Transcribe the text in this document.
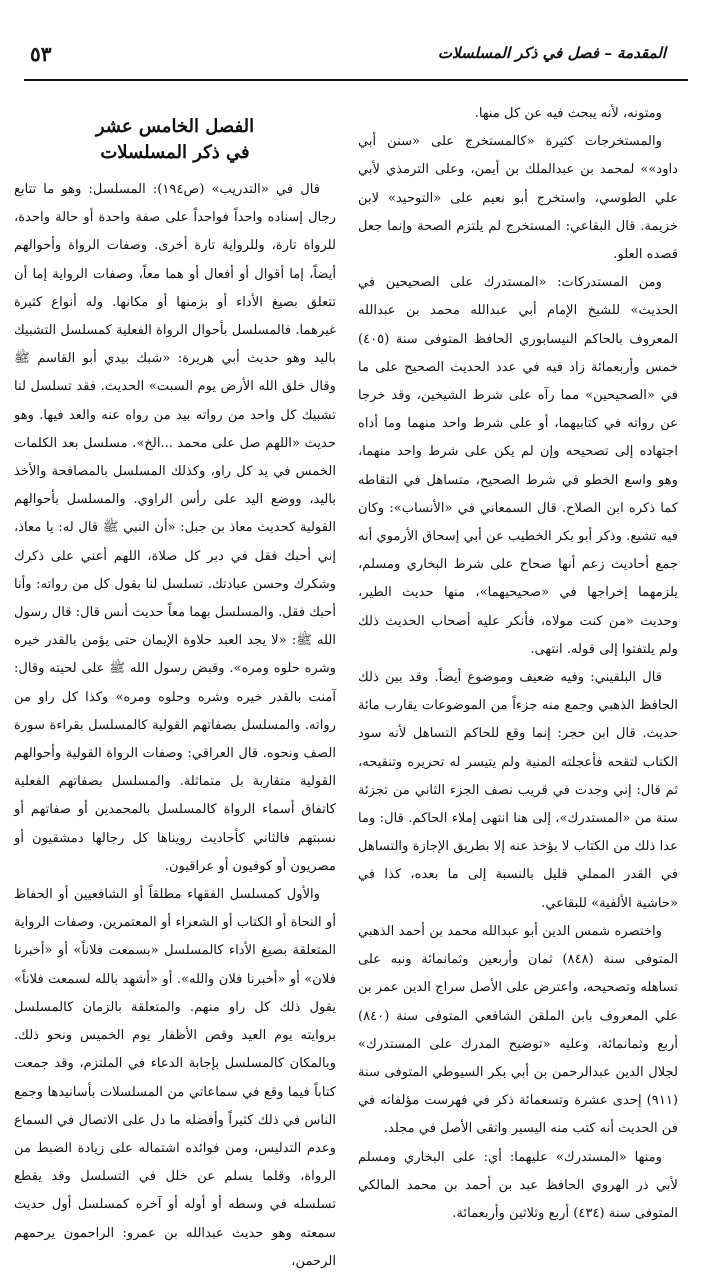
٥٣	المقدمة – فصل في ذكر المسلسلات

ومتونه، لأنه يبحث فيه عن كل منها.

والمستخرجات كثيرة «كالمستخرج على «سنن أبي داود»» لمحمد بن عبدالملك بن أيمن، وعلى الترمذي لأبي علي الطوسي، واستخرج أبو نعيم على «التوحيد» لابن خزيمة. قال البقاعي: المستخرج لم يلتزم الصحة وإنما جعل قصده العلو.

ومن المستدركات: «المستدرك على الصحيحين في الحديث» للشيخ الإمام أبي عبدالله محمد بن عبدالله المعروف بالحاكم النيسابوري الحافظ المتوفى سنة (٤٠٥) خمس وأربعمائة زاد فيه في عدد الحديث الصحيح على ما في «الصحيحين» مما رآه على شرط الشيخين، وقد خرجا عن رواته في كتابيهما، أو على شرط واحد منهما وما أداه اجتهاده إلى تصحيحه وإن لم يكن على شرط واحد منهما، وهو واسع الخطو في شرط الصحيح، متساهل في التقاطه كما ذكره ابن الصلاح. قال السمعاني في «الأنساب»: وكان فيه تشيع. وذكر أبو بكر الخطيب عن أبي إسحاق الأرموي أنه جمع أحاديث زعم أنها صحاح على شرط البخاري ومسلم، يلزمهما إخراجها في «صحيحيهما»، منها حديث الطير، وحديث «من كنت مولاه، فأنكر عليه أصحاب الحديث ذلك ولم يلتفتوا إلى قوله. انتهى.

قال البلقيني: وفيه ضعيف وموضوع أيضاً. وقد بين ذلك الحافظ الذهبي وجمع منه جزءاً من الموضوعات يقارب مائة حديث. قال ابن حجر: إنما وقع للحاكم التساهل لأنه سود الكتاب لتقحه فأعجلته المنية ولم يتيسر له تحريره وتنقيحه، ثم قال: إني وجدت في قريب نصف الجزء الثاني من تجزئة ستة من «المستدرك»، إلى هنا انتهى إملاء الحاكم. قال: وما عدا ذلك من الكتاب لا يؤخذ عنه إلا بطريق الإجازة والتساهل في القدر المملي قليل بالنسبة إلى ما بعده، كذا في «حاشية الألفية» للبقاعي.

واختصره شمس الدين أبو عبدالله محمد بن أحمد الذهبي المتوفى سنة (٨٤٨) ثمان وأربعين وثمانمائة ونبه على تساهله وتصحيحه، واعترض على الأصل سراج الدين عمر بن علي المعروف بابن الملقن الشافعي المتوفى سنة (٨٤٠) أربع وثمانمائة، وعليه «توضيح المدرك على المستدرك» لجلال الدين عبدالرحمن بن أبي بكر السيوطي المتوفى سنة (٩١١) إحدى عشرة وتسعمائة ذكر في فهرست مؤلفاته في فن الحديث أنه كتب منه اليسير واتقى الأصل في مجلد.

ومنها «المستدرك» عليهما: أي: على البخاري ومسلم لأبي ذر الهروي الحافظ عبد بن أحمد بن محمد المالكي المتوفى سنة (٤٣٤) أربع وثلاثين وأربعمائة.

الفصل الخامس عشر
في ذكر المسلسلات

قال في «التدريب» (ص١٩٤): المسلسل: وهو ما تتابع رجال إسناده واحداً فواحداً على صفة واحدة أو حالة واحدة، للرواة تارة، وللرواية تارة أخرى. وصفات الرواة وأحوالهم أيضاً، إما أقوال أو أفعال أو هما معاً، وصفات الرواية إما أن تتعلق بصيغ الأداء أو بزمنها أو مكانها. وله أنواع كثيرة غيرهما. فالمسلسل بأحوال الرواة الفعلية كمسلسل التشبيك باليد وهو حديث أبي هريرة: «شبك بيدي أبو القاسم ﷺ وقال خلق الله الأرض يوم السبت» الحديث. فقد تسلسل لنا تشبيك كل واحد من رواته بيد من رواه عنه والعد فيها. وهو حديث «اللهم صل على محمد ...الخ». مسلسل بعد الكلمات الخمس في يد كل راو، وكذلك المسلسل بالمصافحة والأخذ باليد، ووضع اليد على رأس الراوي. والمسلسل بأحوالهم القولية كحديث معاذ بن جبل: «أن النبي ﷺ قال له: يا معاذ، إني أحبك فقل في دبر كل صلاة، اللهم أعني على ذكرك وشكرك وحسن عبادتك. تسلسل لنا بقول كل من رواته: وأنا أحبك فقل. والمسلسل بهما معاً حديث أنس قال: قال رسول الله ﷺ: «لا يجد العبد حلاوة الإيمان حتى يؤمن بالقدر خيره وشره حلوه ومره». وقبض رسول الله ﷺ على لحيته وقال: آمنت بالقدر خيره وشره وحلوه ومره» وكذا كل راو من رواته. والمسلسل بصفاتهم القولية كالمسلسل بقراءة سورة الصف ونحوه. قال العراقي: وصفات الرواة القولية وأحوالهم القولية متقاربة بل متماثلة. والمسلسل بصفاتهم الفعلية كاتفاق أسماء الرواة كالمسلسل بالمحمدين أو صفاتهم أو نسبتهم فالثاني كأحاديث رويناها كل رجالها دمشقيون أو مصريون أو كوفيون أو عراقيون.

والأول كمسلسل الفقهاء مطلقاً أو الشافعيين أو الحفاظ أو النحاة أو الكتاب أو الشعراء أو المعتمرين. وصفات الرواية المتعلقة بصيغ الأداء كالمسلسل «بسمعت فلاناً» أو «أخبرنا فلان» أو «أخبرنا فلان والله». أو «أشهد بالله لسمعت فلاناً» يقول ذلك كل راو منهم. والمتعلقة بالزمان كالمسلسل بروايته يوم العيد وقص الأظفار يوم الخميس ونحو ذلك. وبالمكان كالمسلسل بإجابة الدعاء في الملتزم، وقد جمعت كتاباً فيما وقع في سماعاتي من المسلسلات بأسانيدها وجمع الناس في ذلك كثيراً وأفضله ما دل على الاتصال في السماع وعدم التدليس، ومن فوائده اشتماله على زيادة الضبط من الرواة، وقلما يسلم عن خلل في التسلسل وقد يقطع تسلسله في وسطه أو أوله أو آخره كمسلسل أول حديث سمعته وهو حديث عبدالله بن عمرو: الراحمون يرحمهم الرحمن،
